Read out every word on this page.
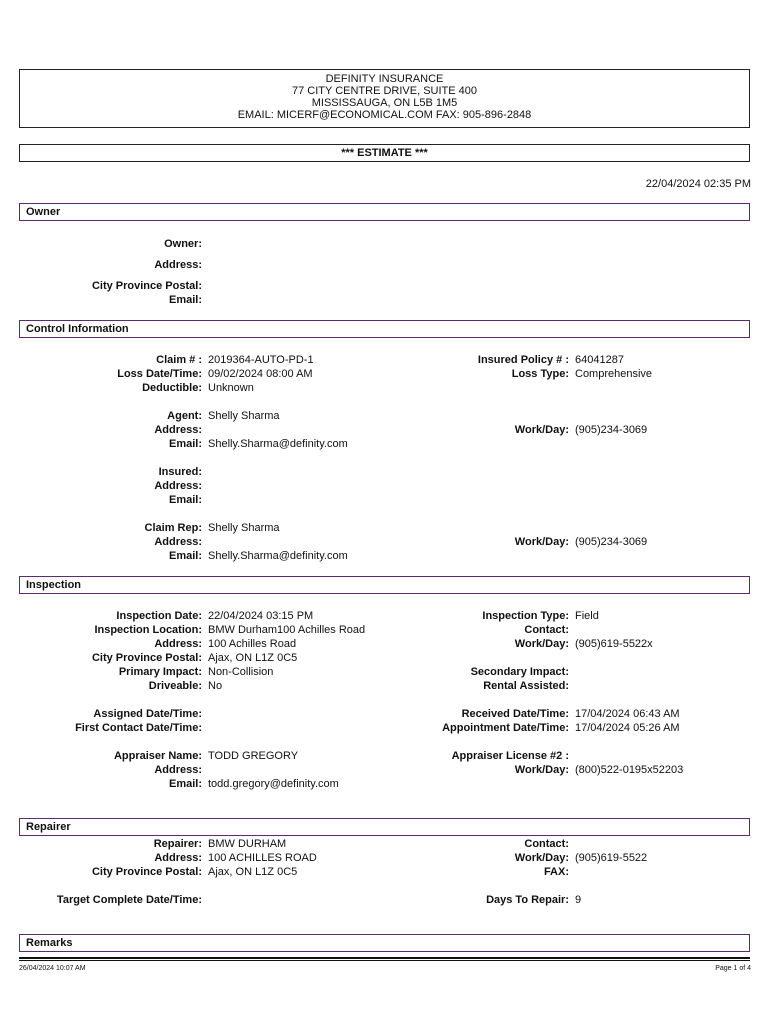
DEFINITY INSURANCE
77 CITY CENTRE DRIVE, SUITE 400
MISSISSAUGA, ON L5B 1M5
EMAIL: MICERF@ECONOMICAL.COM FAX: 905-896-2848
*** ESTIMATE ***
22/04/2024 02:35 PM
Owner
Owner:
Address:
City Province Postal:
Email:
Control Information
Claim # : 2019364-AUTO-PD-1	Insured Policy # : 64041287
Loss Date/Time: 09/02/2024 08:00 AM	Loss Type: Comprehensive
Deductible: Unknown
Agent: Shelly Sharma
Address:	Work/Day: (905)234-3069
Email: Shelly.Sharma@definity.com
Insured:
Address:
Email:
Claim Rep: Shelly Sharma
Address:	Work/Day: (905)234-3069
Email: Shelly.Sharma@definity.com
Inspection
Inspection Date: 22/04/2024 03:15 PM	Inspection Type: Field
Inspection Location: BMW Durham100 Achilles Road	Contact:
Address: 100 Achilles Road	Work/Day: (905)619-5522x
City Province Postal: Ajax, ON L1Z 0C5
Primary Impact: Non-Collision	Secondary Impact:
Driveable: No	Rental Assisted:
Assigned Date/Time:	Received Date/Time: 17/04/2024 06:43 AM
First Contact Date/Time:	Appointment Date/Time: 17/04/2024 05:26 AM
Appraiser Name: TODD GREGORY	Appraiser License #2 :
Address:	Work/Day: (800)522-0195x52203
Email: todd.gregory@definity.com
Repairer
Repairer: BMW DURHAM	Contact:
Address: 100 ACHILLES ROAD	Work/Day: (905)619-5522
City Province Postal: Ajax, ON L1Z 0C5	FAX:
Target Complete Date/Time:	Days To Repair: 9
Remarks
26/04/2024 10:07 AM	Page 1 of 4
